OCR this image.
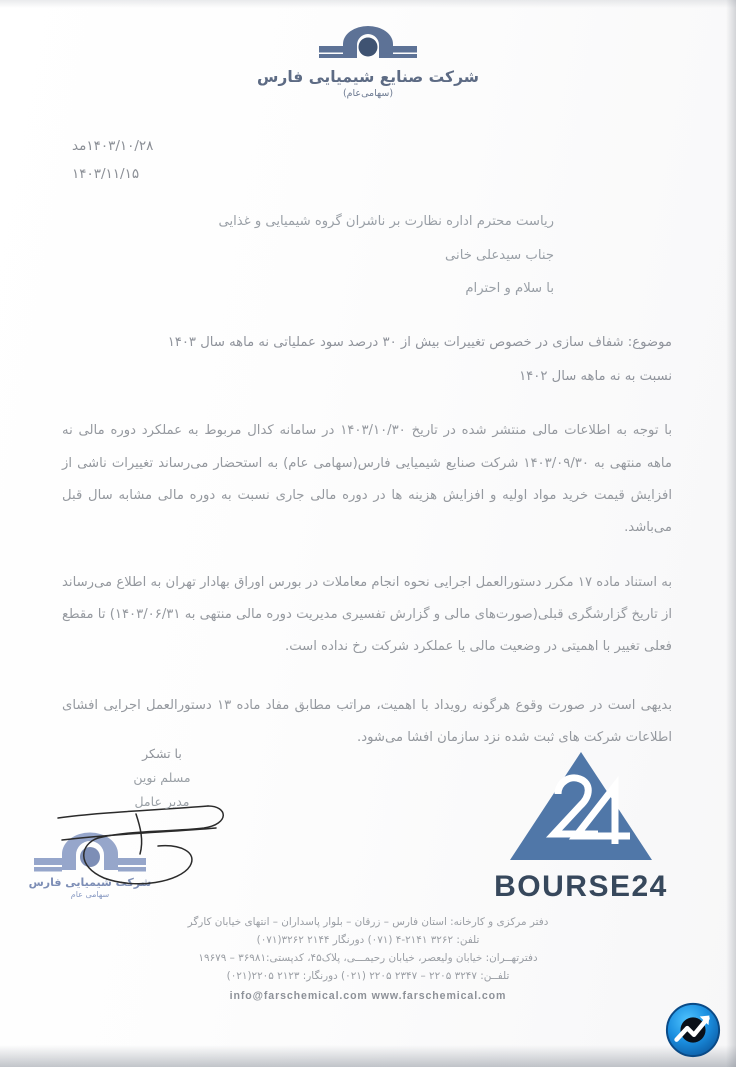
شرکت صنایع شیمیایی فارس
(سهامی‌عام)
۱۴۰۳/۱۰/۲۸مد
۱۴۰۳/۱۱/۱۵
ریاست محترم اداره نظارت بر ناشران گروه شیمیایی و غذایی
جناب سیدعلی خانی
با سلام و احترام
موضوع: شفاف سازی در خصوص تغییرات بیش از ۳۰ درصد سود عملیاتی نه ماهه سال ۱۴۰۳
نسبت به نه ماهه سال ۱۴۰۲
با توجه به اطلاعات مالی منتشر شده در تاریخ ۱۴۰۳/۱۰/۳۰ در سامانه کدال مربوط به عملکرد دوره مالی نه ماهه منتهی به ۱۴۰۳/۰۹/۳۰ شرکت صنایع شیمیایی فارس(سهامی عام) به استحضار می‌رساند تغییرات ناشی از افزایش قیمت خرید مواد اولیه و افزایش هزینه ها در دوره مالی جاری نسبت به دوره مالی مشابه سال قبل می‌باشد.
به استناد ماده ۱۷ مکرر دستورالعمل اجرایی نحوه انجام معاملات در بورس اوراق بهادار تهران به اطلاع می‌رساند از تاریخ گزارشگری قبلی(صورت‌های مالی و گزارش تفسیری مدیریت دوره مالی منتهی به ۱۴۰۳/۰۶/۳۱) تا مقطع فعلی تغییر با اهمیتی در وضعیت مالی یا عملکرد شرکت رخ نداده است.
بدیهی است در صورت وقوع هرگونه رویداد با اهمیت، مراتب مطابق مفاد ماده ۱۳ دستورالعمل اجرایی افشای اطلاعات شرکت های ثبت شده نزد سازمان افشا می‌شود.
با تشکر
مسلم نوین
مدیر عامل
شرکت شیمیایی فارس
سهامی عام	BOURSE24
دفتر مرکزی و کارخانه: استان فارس – زرقان – بلوار پاسداران – انتهای خیابان کارگر
تلفن: ۳۲۶۲ ۲۱۴۱-۴ (۰۷۱) دورنگار ۲۱۴۴ ۳۲۶۲(۰۷۱)
دفترتهــران: خیابان ولیعصر، خیابان رحیمـــی، پلاک۴۵، کدپستی:۳۶۹۸۱ – ۱۹۶۷۹
تلفــن: ۳۲۴۷ ۲۲۰۵ – ۲۳۴۷ ۲۲۰۵ (۰۲۱) دورنگار: ۲۱۲۳ ۲۲۰۵(۰۲۱)
info@farschemical.com www.farschemical.com
